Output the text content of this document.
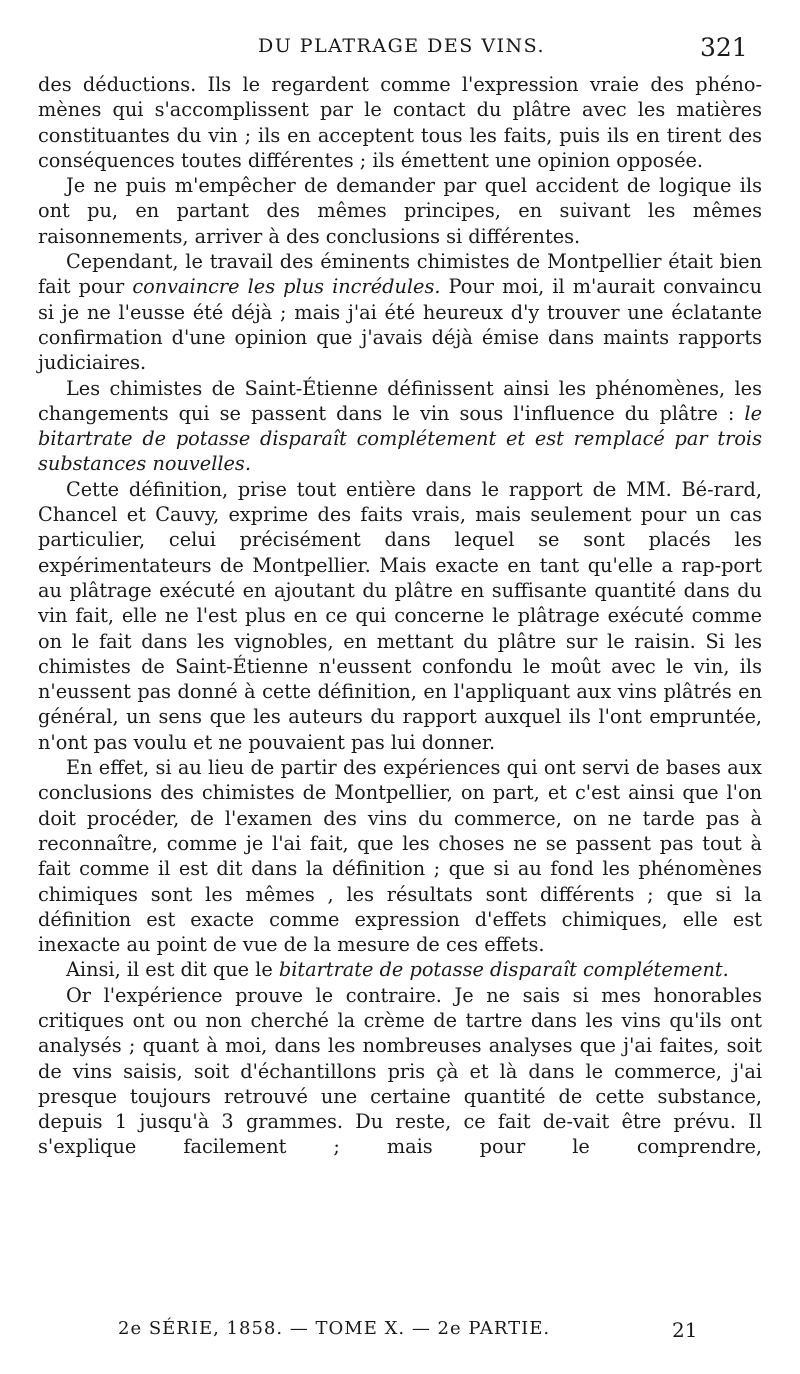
DU PLATRAGE DES VINS.	321

des déductions. Ils le regardent comme l'expression vraie des phéno-mènes qui s'accomplissent par le contact du plâtre avec les matières constituantes du vin ; ils en acceptent tous les faits, puis ils en tirent des conséquences toutes différentes ; ils émettent une opinion opposée.

Je ne puis m'empêcher de demander par quel accident de logique ils ont pu, en partant des mêmes principes, en suivant les mêmes raisonnements, arriver à des conclusions si différentes.

Cependant, le travail des éminents chimistes de Montpellier était bien fait pour convaincre les plus incrédules. Pour moi, il m'aurait convaincu si je ne l'eusse été déjà ; mais j'ai été heureux d'y trouver une éclatante confirmation d'une opinion que j'avais déjà émise dans maints rapports judiciaires.

Les chimistes de Saint-Étienne définissent ainsi les phénomènes, les changements qui se passent dans le vin sous l'influence du plâtre : le bitartrate de potasse disparaît complétement et est remplacé par trois substances nouvelles.

Cette définition, prise tout entière dans le rapport de MM. Bé-rard, Chancel et Cauvy, exprime des faits vrais, mais seulement pour un cas particulier, celui précisément dans lequel se sont placés les expérimentateurs de Montpellier. Mais exacte en tant qu'elle a rap-port au plâtrage exécuté en ajoutant du plâtre en suffisante quantité dans du vin fait, elle ne l'est plus en ce qui concerne le plâtrage exécuté comme on le fait dans les vignobles, en mettant du plâtre sur le raisin. Si les chimistes de Saint-Étienne n'eussent confondu le moût avec le vin, ils n'eussent pas donné à cette définition, en l'appliquant aux vins plâtrés en général, un sens que les auteurs du rapport auxquel ils l'ont empruntée, n'ont pas voulu et ne pouvaient pas lui donner.

En effet, si au lieu de partir des expériences qui ont servi de bases aux conclusions des chimistes de Montpellier, on part, et c'est ainsi que l'on doit procéder, de l'examen des vins du commerce, on ne tarde pas à reconnaître, comme je l'ai fait, que les choses ne se passent pas tout à fait comme il est dit dans la définition ; que si au fond les phénomènes chimiques sont les mêmes , les résultats sont différents ; que si la définition est exacte comme expression d'effets chimiques, elle est inexacte au point de vue de la mesure de ces effets.

Ainsi, il est dit que le bitartrate de potasse disparaît complétement.

Or l'expérience prouve le contraire. Je ne sais si mes honorables critiques ont ou non cherché la crème de tartre dans les vins qu'ils ont analysés ; quant à moi, dans les nombreuses analyses que j'ai faites, soit de vins saisis, soit d'échantillons pris çà et là dans le commerce, j'ai presque toujours retrouvé une certaine quantité de cette substance, depuis 1 jusqu'à 3 grammes. Du reste, ce fait de-vait être prévu. Il s'explique facilement ; mais pour le comprendre,

2e SÉRIE, 1858. — TOME X. — 2e PARTIE.	21
